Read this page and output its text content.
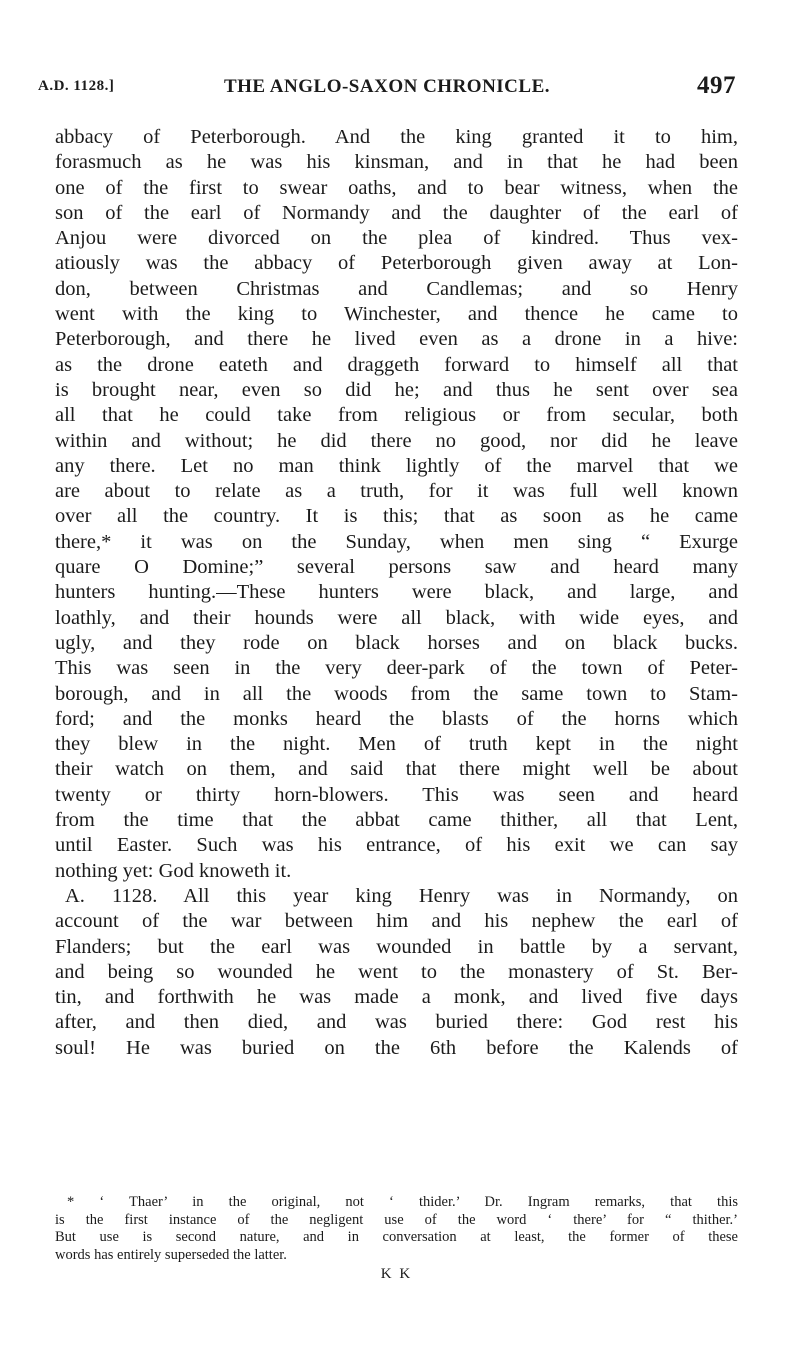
A.D. 1128.]	THE ANGLO-SAXON CHRONICLE.	497
abbacy of Peterborough. And the king granted it to him,
forasmuch as he was his kinsman, and in that he had been
one of the first to swear oaths, and to bear witness, when the
son of the earl of Normandy and the daughter of the earl of
Anjou were divorced on the plea of kindred. Thus vex-
atiously was the abbacy of Peterborough given away at Lon-
don, between Christmas and Candlemas; and so Henry
went with the king to Winchester, and thence he came to
Peterborough, and there he lived even as a drone in a hive:
as the drone eateth and draggeth forward to himself all that
is brought near, even so did he; and thus he sent over sea
all that he could take from religious or from secular, both
within and without; he did there no good, nor did he leave
any there. Let no man think lightly of the marvel that we
are about to relate as a truth, for it was full well known
over all the country. It is this; that as soon as he came
there,* it was on the Sunday, when men sing “ Exurge
quare O Domine;” several persons saw and heard many
hunters hunting.—These hunters were black, and large, and
loathly, and their hounds were all black, with wide eyes, and
ugly, and they rode on black horses and on black bucks.
This was seen in the very deer-park of the town of Peter-
borough, and in all the woods from the same town to Stam-
ford; and the monks heard the blasts of the horns which
they blew in the night. Men of truth kept in the night
their watch on them, and said that there might well be about
twenty or thirty horn-blowers. This was seen and heard
from the time that the abbat came thither, all that Lent,
until Easter. Such was his entrance, of his exit we can say
nothing yet: God knoweth it.
A. 1128. All this year king Henry was in Normandy, on
account of the war between him and his nephew the earl of
Flanders; but the earl was wounded in battle by a servant,
and being so wounded he went to the monastery of St. Ber-
tin, and forthwith he was made a monk, and lived five days
after, and then died, and was buried there: God rest his
soul! He was buried on the 6th before the Kalends of
* ‘ Thaer’ in the original, not ‘ thider.’ Dr. Ingram remarks, that this
is the first instance of the negligent use of the word ‘ there’ for “ thither.’
But use is second nature, and in conversation at least, the former of these
words has entirely superseded the latter.
K K
